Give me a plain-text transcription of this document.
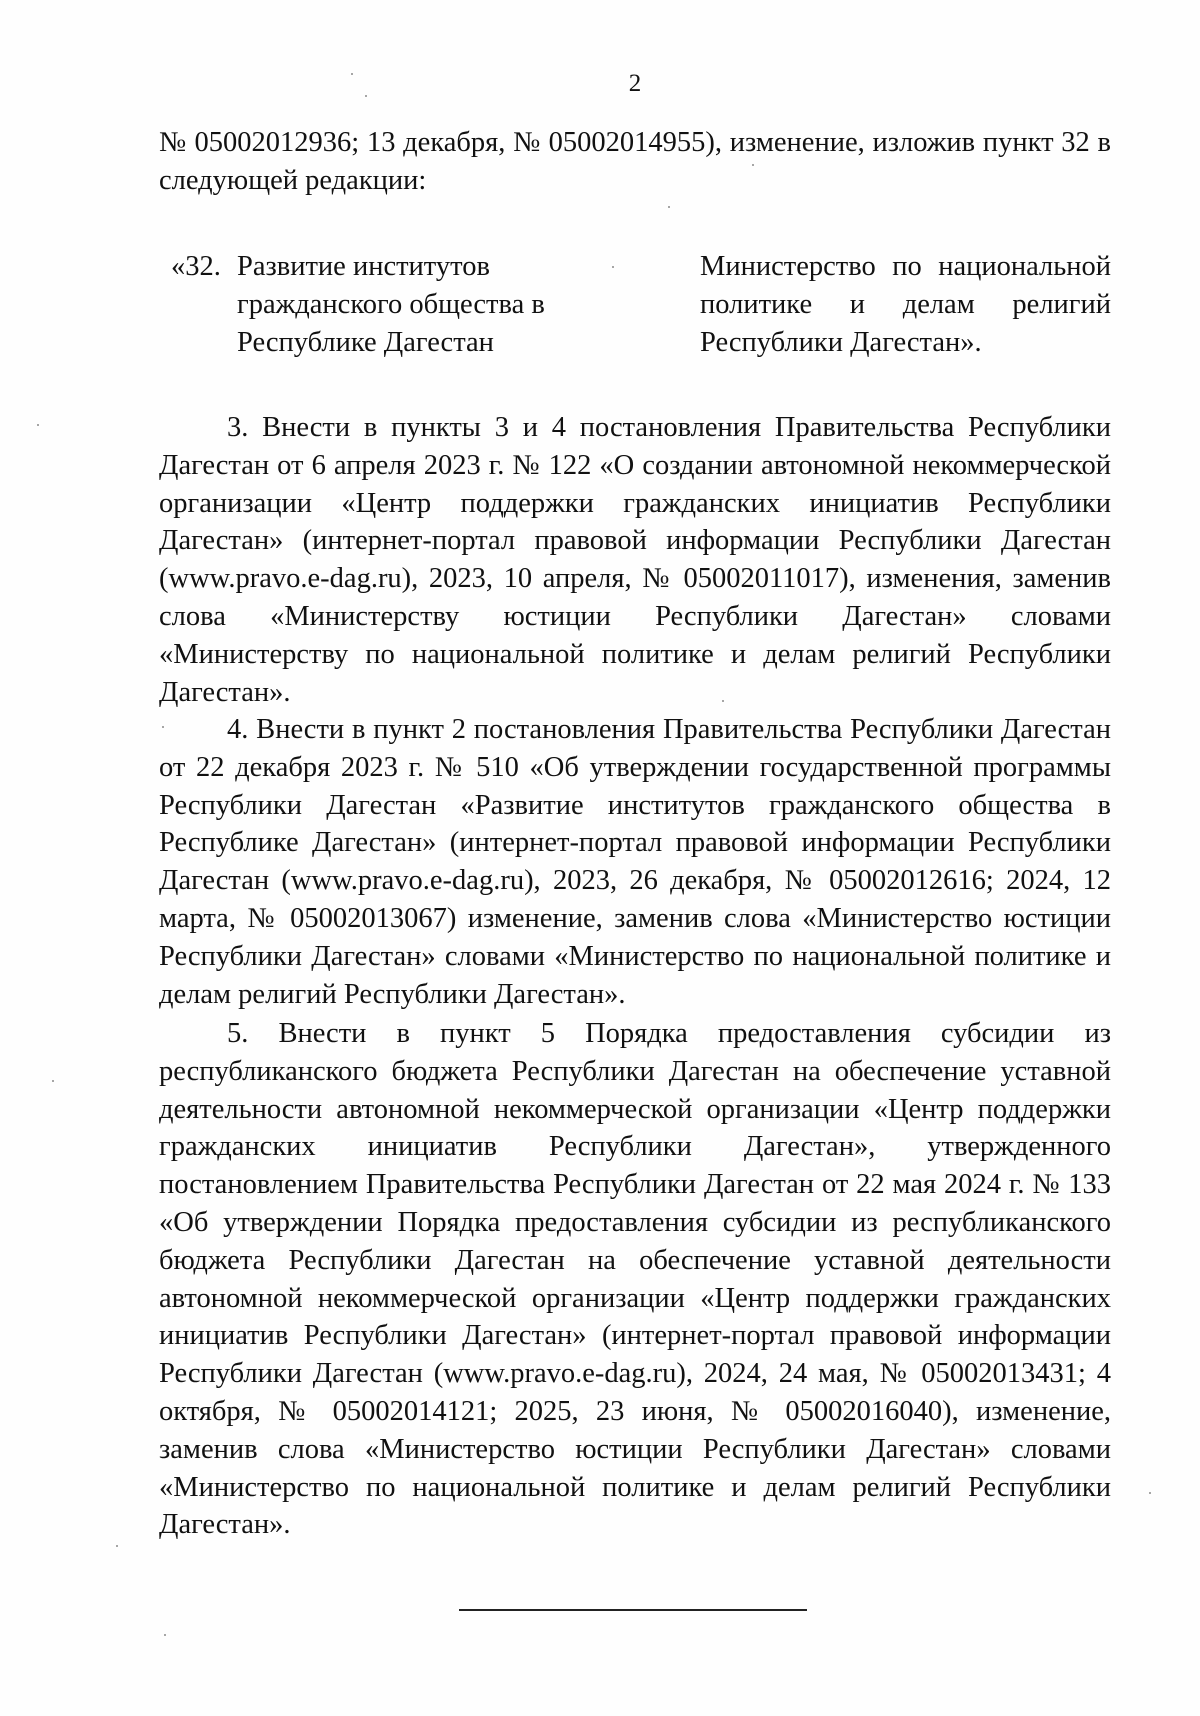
2
№ 05002012936; 13 декабря, № 05002014955), изменение, изложив пункт 32 в следующей редакции:
«32. Развитие институтов
гражданского общества в
Республике Дагестан
Министерство по национальной политике и делам религий Республики Дагестан».
3. Внести в пункты 3 и 4 постановления Правительства Республики Дагестан от 6 апреля 2023 г. № 122 «О создании автономной некоммерческой организации «Центр поддержки гражданских инициатив Республики Дагестан» (интернет-портал правовой информации Республики Дагестан (www.pravo.e-dag.ru), 2023, 10 апреля, № 05002011017), изменения, заменив слова «Министерству юстиции Республики Дагестан» словами «Министерству по национальной политике и делам религий Республики Дагестан».
4. Внести в пункт 2 постановления Правительства Республики Дагестан от 22 декабря 2023 г. № 510 «Об утверждении государственной программы Республики Дагестан «Развитие институтов гражданского общества в Республике Дагестан» (интернет-портал правовой информации Республики Дагестан (www.pravo.e-dag.ru), 2023, 26 декабря, № 05002012616; 2024, 12 марта, № 05002013067) изменение, заменив слова «Министерство юстиции Республики Дагестан» словами «Министерство по национальной политике и делам религий Республики Дагестан».
5. Внести в пункт 5 Порядка предоставления субсидии из республиканского бюджета Республики Дагестан на обеспечение уставной деятельности автономной некоммерческой организации «Центр поддержки гражданских инициатив Республики Дагестан», утвержденного постановлением Правительства Республики Дагестан от 22 мая 2024 г. № 133 «Об утверждении Порядка предоставления субсидии из республиканского бюджета Республики Дагестан на обеспечение уставной деятельности автономной некоммерческой организации «Центр поддержки гражданских инициатив Республики Дагестан» (интернет-портал правовой информации Республики Дагестан (www.pravo.e-dag.ru), 2024, 24 мая, № 05002013431; 4 октября, № 05002014121; 2025, 23 июня, № 05002016040), изменение, заменив слова «Министерство юстиции Республики Дагестан» словами «Министерство по национальной политике и делам религий Республики Дагестан».
